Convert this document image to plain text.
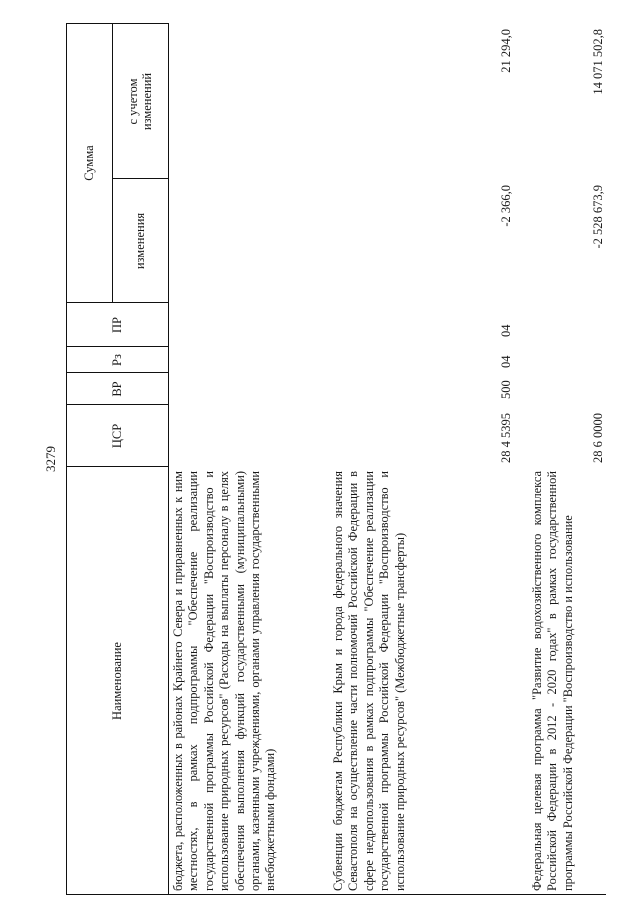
3279
Наименование
ЦСР
ВР
Рз
ПР
Сумма
изменения
с учетом изменений
бюджета, расположенных в районах Крайнего Севера и приравненных к ним местностях, в рамках подпрограммы "Обеспечение реализации государственной программы Российской Федерации "Воспроизводство и использование природных ресурсов" (Расходы на выплаты персоналу в целях обеспечения выполнения функций государственными (муниципальными) органами, казенными учреждениями, органами управления государственными внебюджетными фондами)	Субвенции бюджетам Республики Крым и города федерального значения Севастополя на осуществление части полномочий Российской Федерации в сфере недропользования в рамках подпрограммы "Обеспечение реализации государственной программы Российской Федерации "Воспроизводство и использование природных ресурсов" (Межбюджетные трансферты)
28 4 5395
500
04
04
-2 366,0
21 294,0
Федеральная целевая программа "Развитие водохозяйственного комплекса Российской Федерации в 2012 - 2020 годах" в рамках государственной программы Российской Федерации "Воспроизводство и использование
28 6 0000
-2 528 673,9
14 071 502,8
